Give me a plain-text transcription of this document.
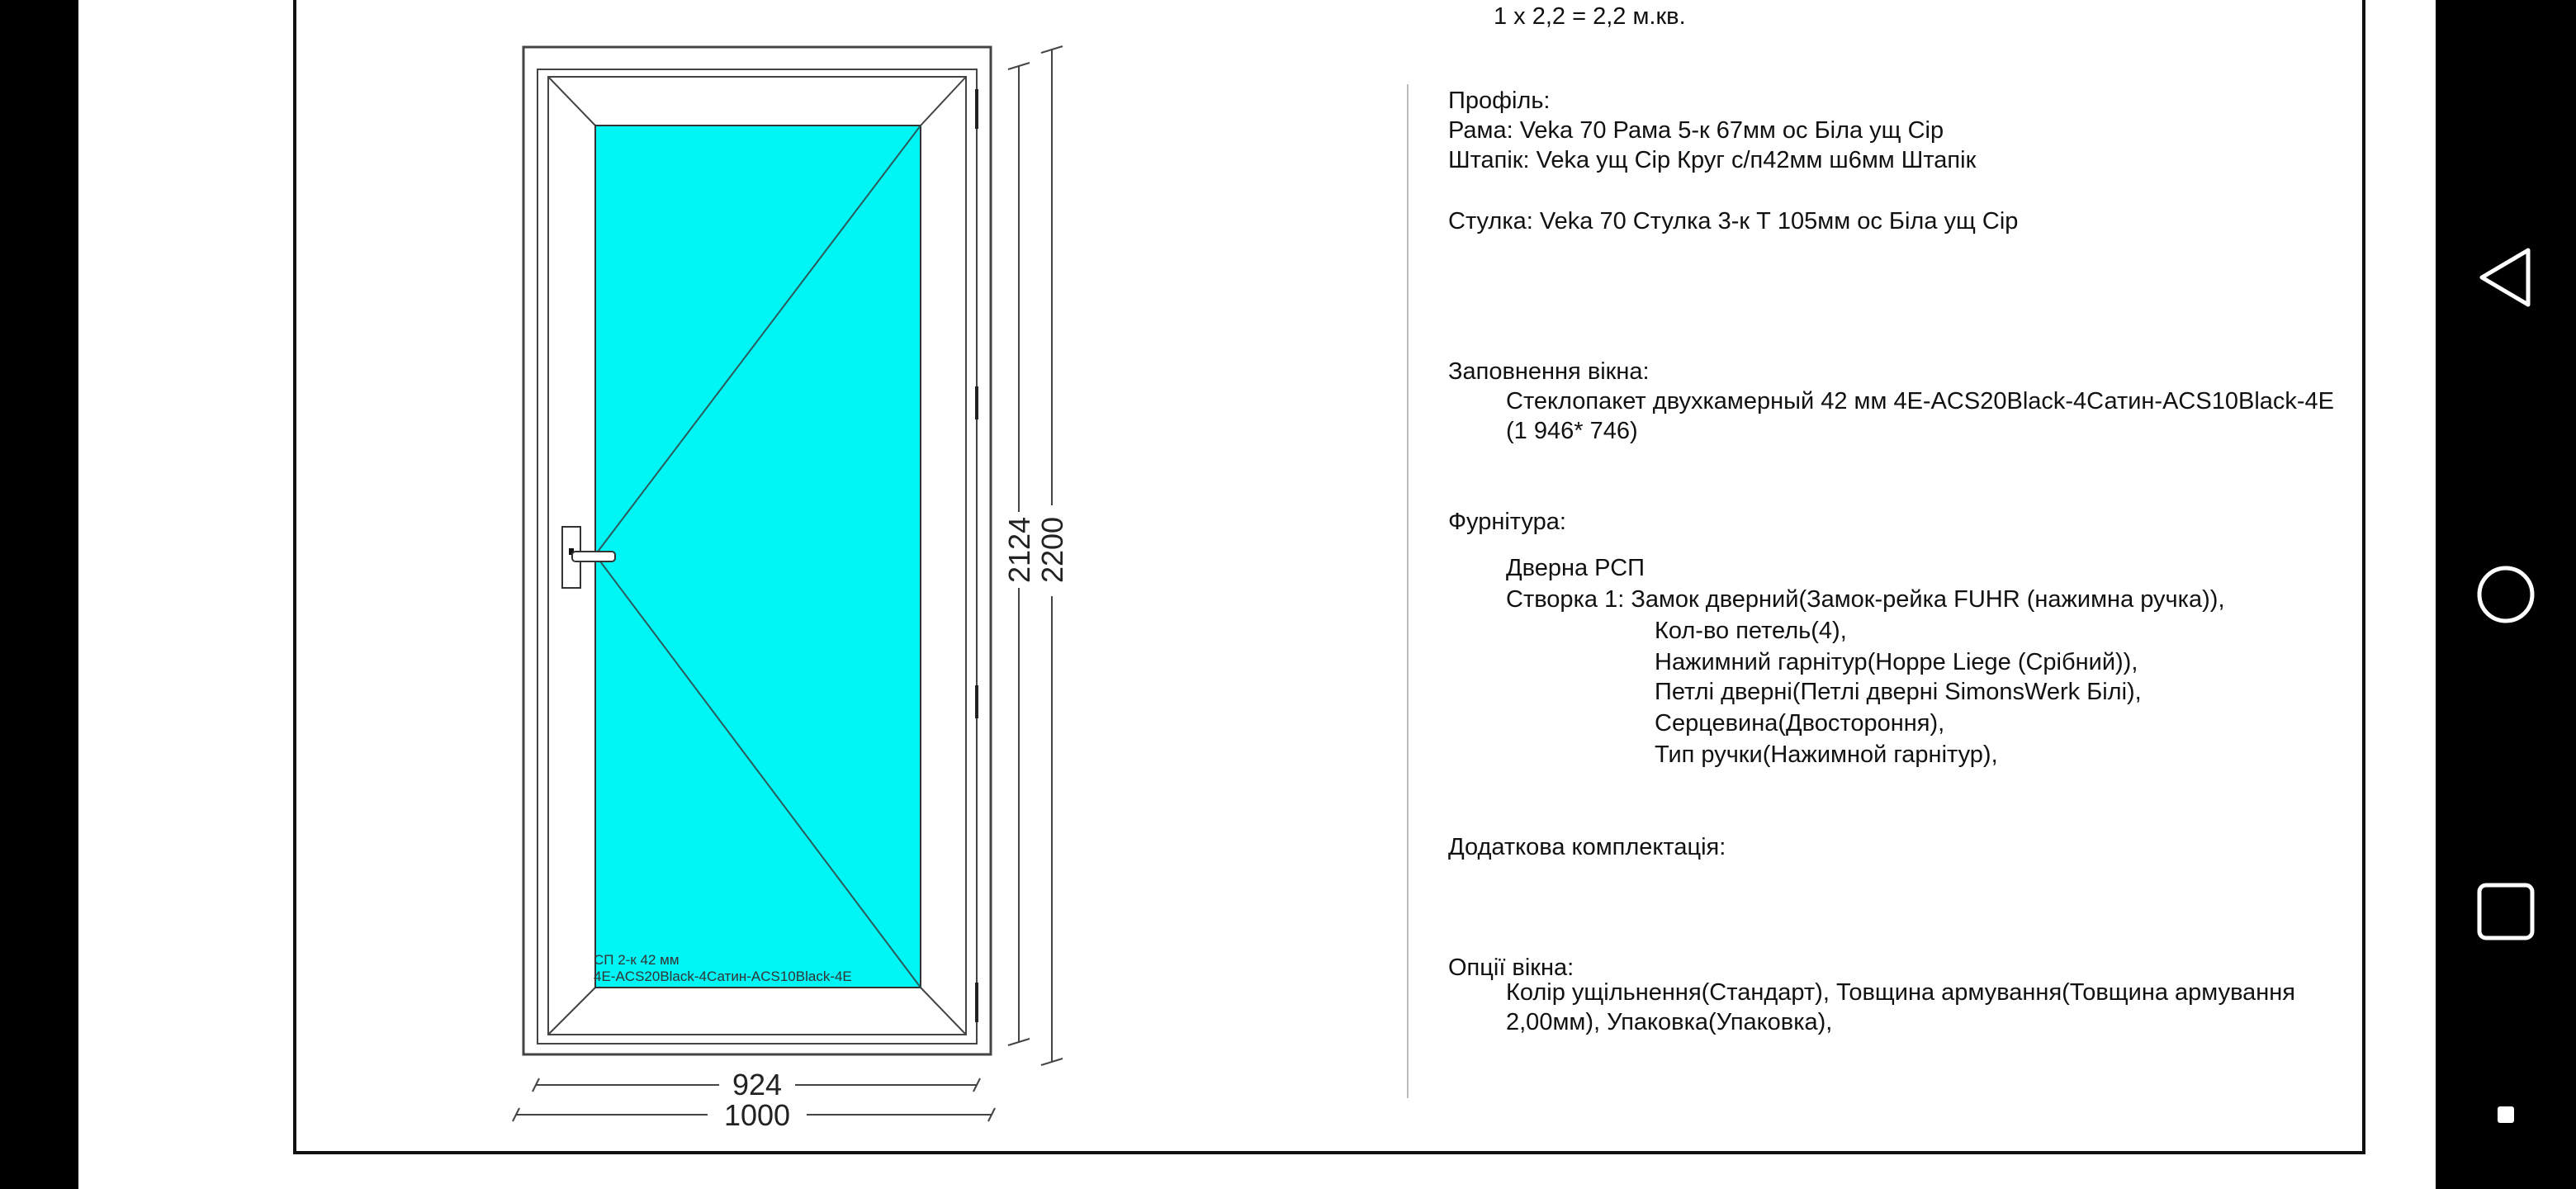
924
1000
2124 2200
СП 2-к 42 мм
4Е-ACS20Black-4Сатин-ACS10Black-4Е
1 x 2,2 = 2,2 м.кв.
Профіль:
Рама: Veka 70 Рама 5-к 67мм ос Біла ущ Сір
Штапік: Veka ущ Сір Круг с/п42мм ш6мм Штапік
Стулка: Veka 70 Стулка 3-к Т 105мм ос Біла ущ Сір
Заповнення вікна:
Стеклопакет двухкамерный 42 мм 4Е-ACS20Black-4Сатин-ACS10Black-4Е
(1 946* 746)
Фурнітура:
Дверна РСП
Створка 1: Замок дверний(Замок-рейка FUHR (нажимна ручка)),
Кол-во петель(4),
Нажимний гарнітур(Hoppe Liege (Срібний)),
Петлі дверні(Петлі дверні SimonsWerk Білі),
Серцевина(Двостороння),
Тип ручки(Нажимной гарнітур),
Додаткова комплектація:
Опції вікна:
Колір ущільнення(Стандарт), Товщина армування(Товщина армування
2,00мм), Упаковка(Упаковка),
